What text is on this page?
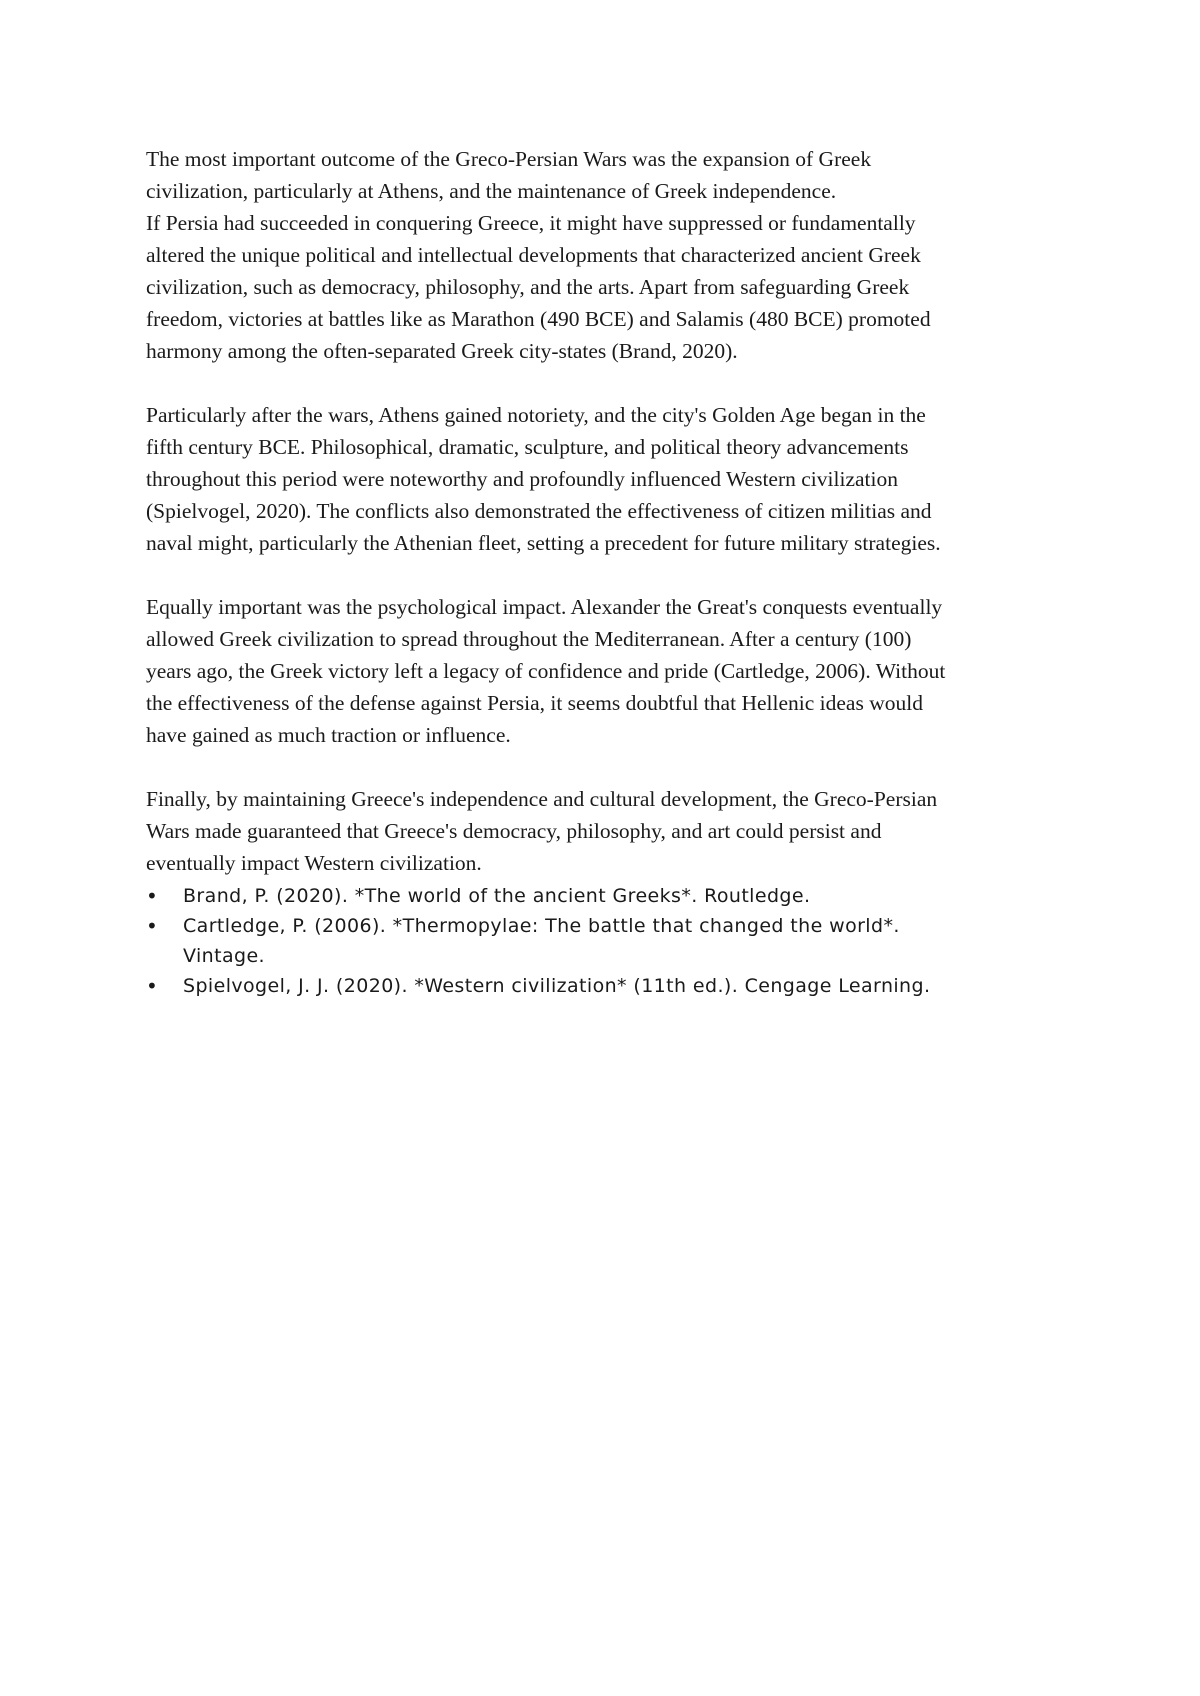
The most important outcome of the Greco-Persian Wars was the expansion of Greek
civilization, particularly at Athens, and the maintenance of Greek independence.
If Persia had succeeded in conquering Greece, it might have suppressed or fundamentally
altered the unique political and intellectual developments that characterized ancient Greek
civilization, such as democracy, philosophy, and the arts. Apart from safeguarding Greek
freedom, victories at battles like as Marathon (490 BCE) and Salamis (480 BCE) promoted
harmony among the often-separated Greek city-states (Brand, 2020).

Particularly after the wars, Athens gained notoriety, and the city's Golden Age began in the
fifth century BCE. Philosophical, dramatic, sculpture, and political theory advancements
throughout this period were noteworthy and profoundly influenced Western civilization
(Spielvogel, 2020). The conflicts also demonstrated the effectiveness of citizen militias and
naval might, particularly the Athenian fleet, setting a precedent for future military strategies.

Equally important was the psychological impact. Alexander the Great's conquests eventually
allowed Greek civilization to spread throughout the Mediterranean. After a century (100)
years ago, the Greek victory left a legacy of confidence and pride (Cartledge, 2006). Without
the effectiveness of the defense against Persia, it seems doubtful that Hellenic ideas would
have gained as much traction or influence.

Finally, by maintaining Greece's independence and cultural development, the Greco-Persian
Wars made guaranteed that Greece's democracy, philosophy, and art could persist and
eventually impact Western civilization.

• Brand, P. (2020). *The world of the ancient Greeks*. Routledge.
• Cartledge, P. (2006). *Thermopylae: The battle that changed the world*.
Vintage.
• Spielvogel, J. J. (2020). *Western civilization* (11th ed.). Cengage Learning.
